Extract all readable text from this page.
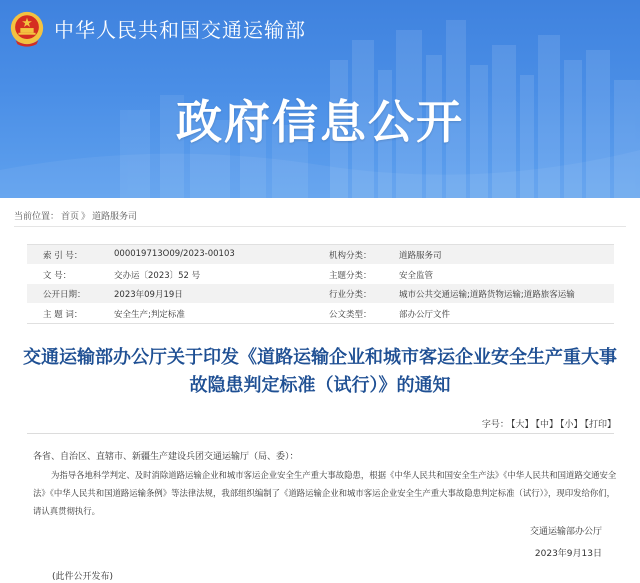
中华人民共和国交通运输部
政府信息公开
当前位置： 首页 》 道路服务司
索 引 号：	000019713O09/2023-00103	机构分类：	道路服务司
文 号：	交办运〔2023〕52 号	主题分类：	安全监管
公开日期：	2023年09月19日	行业分类：	城市公共交通运输;道路货物运输;道路旅客运输
主 题 词：	安全生产;判定标准	公文类型：	部办公厅文件
交通运输部办公厅关于印发《道路运输企业和城市客运企业安全生产重大事
故隐患判定标准（试行）》的通知
字号： 【大】 【中】 【小】 【打印】
各省、自治区、直辖市、新疆生产建设兵团交通运输厅（局、委）：
为指导各地科学判定、及时消除道路运输企业和城市客运企业安全生产重大事故隐患，根据《中华人民共和国安全生产法》《中华人民共和国道路交通安全法》《中华人民共和国道路运输条例》等法律法规，我部组织编制了《道路运输企业和城市客运企业安全生产重大事故隐患判定标准（试行）》，现印发给你们，请认真贯彻执行。
交通运输部办公厅
2023年9月13日
(此件公开发布)
